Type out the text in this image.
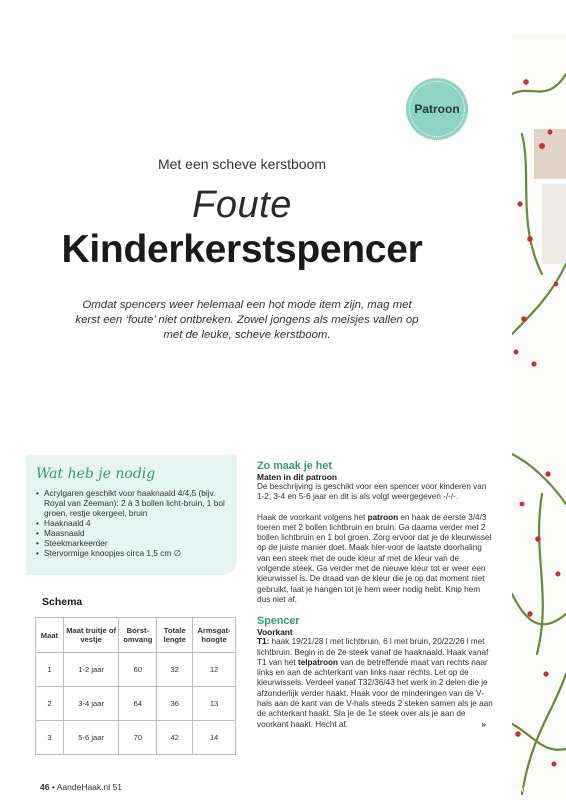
Patroon
Met een scheve kerstboom
Foute
Kinderkerstspencer
Omdat spencers weer helemaal een hot mode item zijn, mag met kerst een ‘foute’ niet ontbreken. Zowel jongens als meisjes vallen op met de leuke, scheve kerstboom.
Wat heb je nodig
• Acrylgaren geschikt voor haaknaald 4/4,5 (bijv. Royal van Zeeman): 2 à 3 bollen licht-bruin, 1 bol groen, restje okergeel, bruin
• Haaknaald 4
• Maasnaald
• Steekmarkeerder
• Stervormige knoopjes circa 1,5 cm ∅
Schema
Maat	Maat truitje of vestje	Borst-omvang	Totale lengte	Armsgat-hoogte
1	1-2 jaar	60	32	12
2	3-4 jaar	64	36	13
3	5-6 jaar	70	42	14
Zo maak je het
Maten in dit patroon
De beschrijving is geschikt voor een spencer voor kinderen van 1-2, 3-4 en 5-6 jaar en dit is als volgt weergegeven -/-/-.
Haak de voorkant volgens het patroon en haak de eerste 3/4/3 toeren met 2 bollen lichtbruin en bruin. Ga daarna verder met 2 bollen lichtbruin en 1 bol groen. Zorg ervoor dat je de kleurwissel op de juiste manier doet. Maak hier-voor de laatste doorhaling van een steek met de oude kleur af met de kleur van de volgende steek. Ga verder met de nieuwe kleur tot er weer een kleurwissel is. De draad van de kleur die je op dat moment niet gebruikt, laat je hangen tot je hem weer nodig hebt. Knip hem dus niet af.
Spencer
Voorkant
T1: haak 19/21/28 l met lichtbruin, 6 l met bruin, 20/22/26 l met lichtbruin. Begin in de 2e steek vanaf de haaknaald. Haak vanaf T1 van het telpatroon van de betreffende maat van rechts naar links en aan de achterkant van links naar rechts. Let op de kleurwissels. Verdeel vanaf T32/36/43 het werk in 2 delen die je afzonderlijk verder haakt. Haak voor de minderingen van de V-hals aan de kant van de V-hals steeds 2 steken samen als je aan de achterkant haakt. Sla je de 1e steek over als je aan de voorkant haakt. Hecht af.	»
46 • AandeHaak.nl 51	PassionForum.ru
